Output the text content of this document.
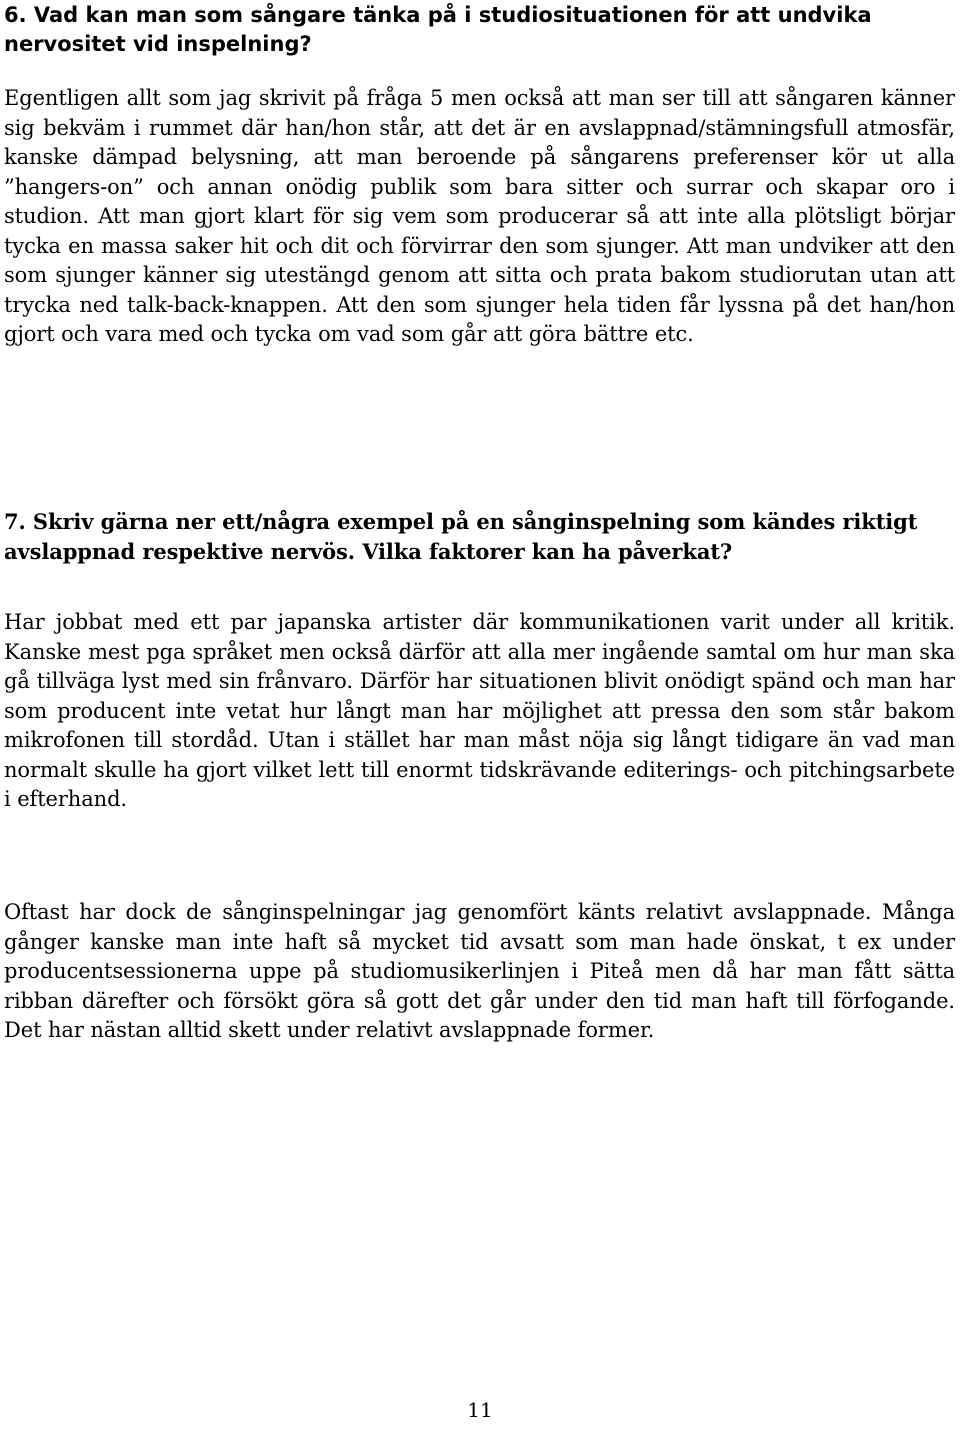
6. Vad kan man som sångare tänka på i studiosituationen för att undvika nervositet vid inspelning?

Egentligen allt som jag skrivit på fråga 5 men också att man ser till att sångaren känner sig bekväm i rummet där han/hon står, att det är en avslappnad/stämningsfull atmosfär, kanske dämpad belysning, att man beroende på sångarens preferenser kör ut alla ”hangers-on” och annan onödig publik som bara sitter och surrar och skapar oro i studion. Att man gjort klart för sig vem som producerar så att inte alla plötsligt börjar tycka en massa saker hit och dit och förvirrar den som sjunger. Att man undviker att den som sjunger känner sig utestängd genom att sitta och prata bakom studiorutan utan att trycka ned talk-back-knappen. Att den som sjunger hela tiden får lyssna på det han/hon gjort och vara med och tycka om vad som går att göra bättre etc.

7. Skriv gärna ner ett/några exempel på en sånginspelning som kändes riktigt avslappnad respektive nervös. Vilka faktorer kan ha påverkat?

Har jobbat med ett par japanska artister där kommunikationen varit under all kritik. Kanske mest pga språket men också därför att alla mer ingående samtal om hur man ska gå tillväga lyst med sin frånvaro. Därför har situationen blivit onödigt spänd och man har som producent inte vetat hur långt man har möjlighet att pressa den som står bakom mikrofonen till stordåd. Utan i stället har man måst nöja sig långt tidigare än vad man normalt skulle ha gjort vilket lett till enormt tidskrävande editerings- och pitchingsarbete i efterhand.

Oftast har dock de sånginspelningar jag genomfört känts relativt avslappnade. Många gånger kanske man inte haft så mycket tid avsatt som man hade önskat, t ex under producentsessionerna uppe på studiomusikerlinjen i Piteå men då har man fått sätta ribban därefter och försökt göra så gott det går under den tid man haft till förfogande. Det har nästan alltid skett under relativt avslappnade former.

11
